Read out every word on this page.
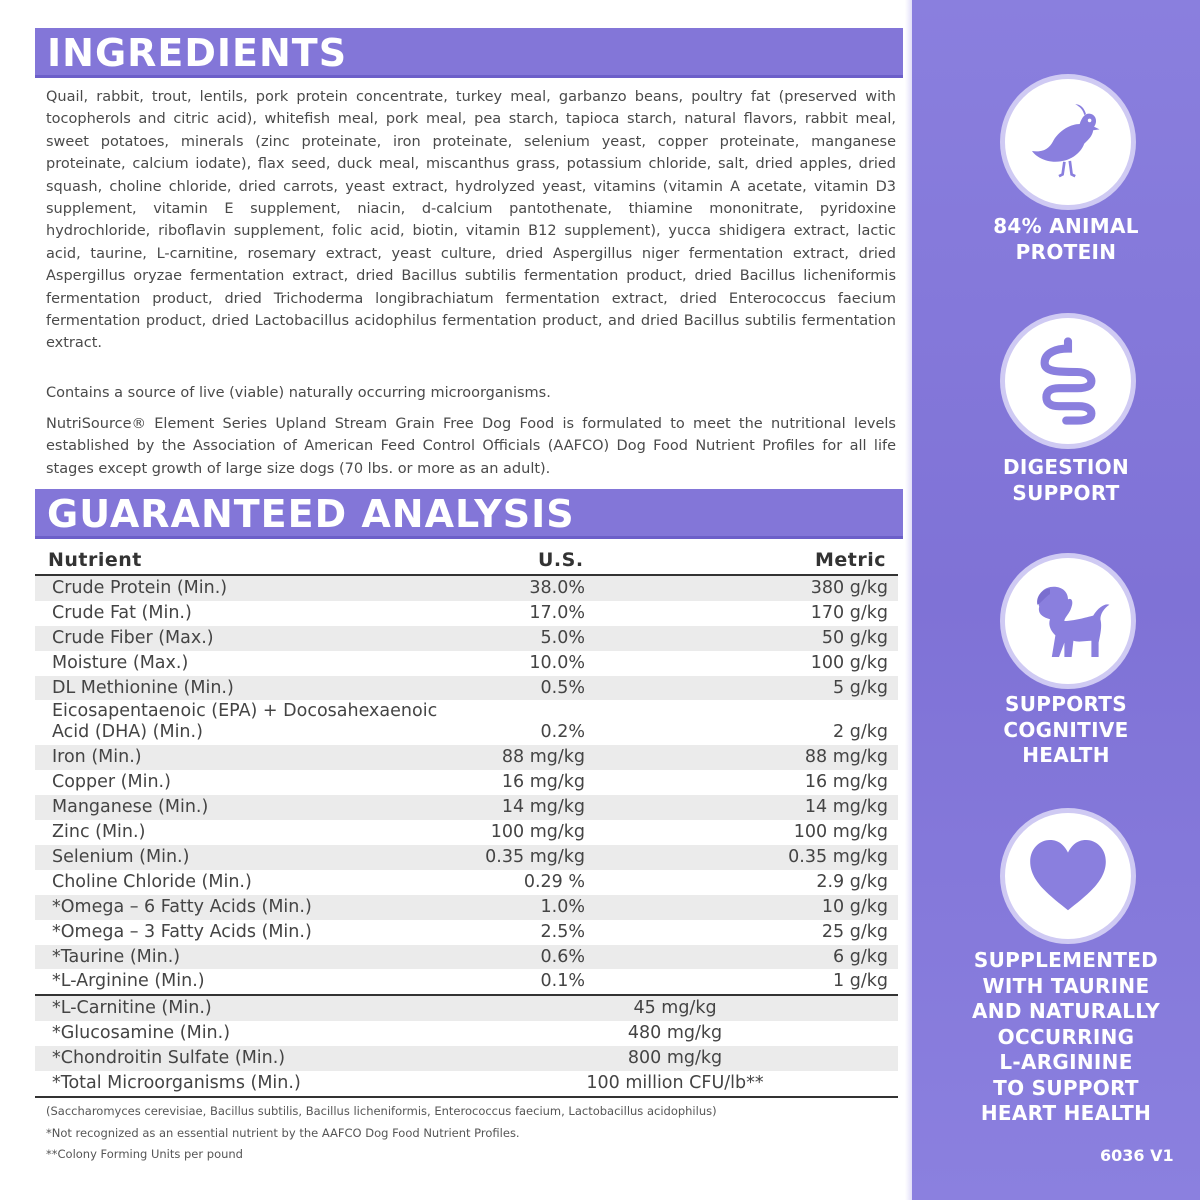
INGREDIENTS

Quail, rabbit, trout, lentils, pork protein concentrate, turkey meal, garbanzo beans, poultry fat (preserved with tocopherols and citric acid), whitefish meal, pork meal, pea starch, tapioca starch, natural flavors, rabbit meal, sweet potatoes, minerals (zinc proteinate, iron proteinate, selenium yeast, copper proteinate, manganese proteinate, calcium iodate), flax seed, duck meal, miscanthus grass, potassium chloride, salt, dried apples, dried squash, choline chloride, dried carrots, yeast extract, hydrolyzed yeast, vitamins (vitamin A acetate, vitamin D3 supplement, vitamin E supplement, niacin, d-calcium pantothenate, thiamine mononitrate, pyridoxine hydrochloride, riboflavin supplement, folic acid, biotin, vitamin B12 supplement), yucca shidigera extract, lactic acid, taurine, L-carnitine, rosemary extract, yeast culture, dried Aspergillus niger fermentation extract, dried Aspergillus oryzae fermentation extract, dried Bacillus subtilis fermentation product, dried Bacillus licheniformis fermentation product, dried Trichoderma longibrachiatum fermentation extract, dried Enterococcus faecium fermentation product, dried Lactobacillus acidophilus fermentation product, and dried Bacillus subtilis fermentation extract.

Contains a source of live (viable) naturally occurring microorganisms.

NutriSource® Element Series Upland Stream Grain Free Dog Food is formulated to meet the nutritional levels established by the Association of American Feed Control Officials (AAFCO) Dog Food Nutrient Profiles for all life stages except growth of large size dogs (70 lbs. or more as an adult).

GUARANTEED ANALYSIS
Nutrient	U.S.	Metric
Crude Protein (Min.)	38.0%	380 g/kg
Crude Fat (Min.)	17.0%	170 g/kg
Crude Fiber (Max.)	5.0%	50 g/kg
Moisture (Max.)	10.0%	100 g/kg
DL Methionine (Min.)	0.5%	5 g/kg
Eicosapentaenoic (EPA) + Docosahexaenoic Acid (DHA) (Min.)	0.2%	2 g/kg
Iron (Min.)	88 mg/kg	88 mg/kg
Copper (Min.)	16 mg/kg	16 mg/kg
Manganese (Min.)	14 mg/kg	14 mg/kg
Zinc (Min.)	100 mg/kg	100 mg/kg
Selenium (Min.)	0.35 mg/kg	0.35 mg/kg
Choline Chloride (Min.)	0.29 %	2.9 g/kg
*Omega – 6 Fatty Acids (Min.)	1.0%	10 g/kg
*Omega – 3 Fatty Acids (Min.)	2.5%	25 g/kg
*Taurine (Min.)	0.6%	6 g/kg
*L-Arginine (Min.)	0.1%	1 g/kg
*L-Carnitine (Min.)	45 mg/kg
*Glucosamine (Min.)	480 mg/kg
*Chondroitin Sulfate (Min.)	800 mg/kg
*Total Microorganisms (Min.)	100 million CFU/lb**
(Saccharomyces cerevisiae, Bacillus subtilis, Bacillus licheniformis, Enterococcus faecium, Lactobacillus acidophilus)
*Not recognized as an essential nutrient by the AAFCO Dog Food Nutrient Profiles.
**Colony Forming Units per pound
84% ANIMAL
PROTEIN
DIGESTION
SUPPORT
SUPPORTS
COGNITIVE
HEALTH
SUPPLEMENTED
WITH TAURINE
AND NATURALLY
OCCURRING
L-ARGININE
TO SUPPORT
HEART HEALTH
6036 V1
